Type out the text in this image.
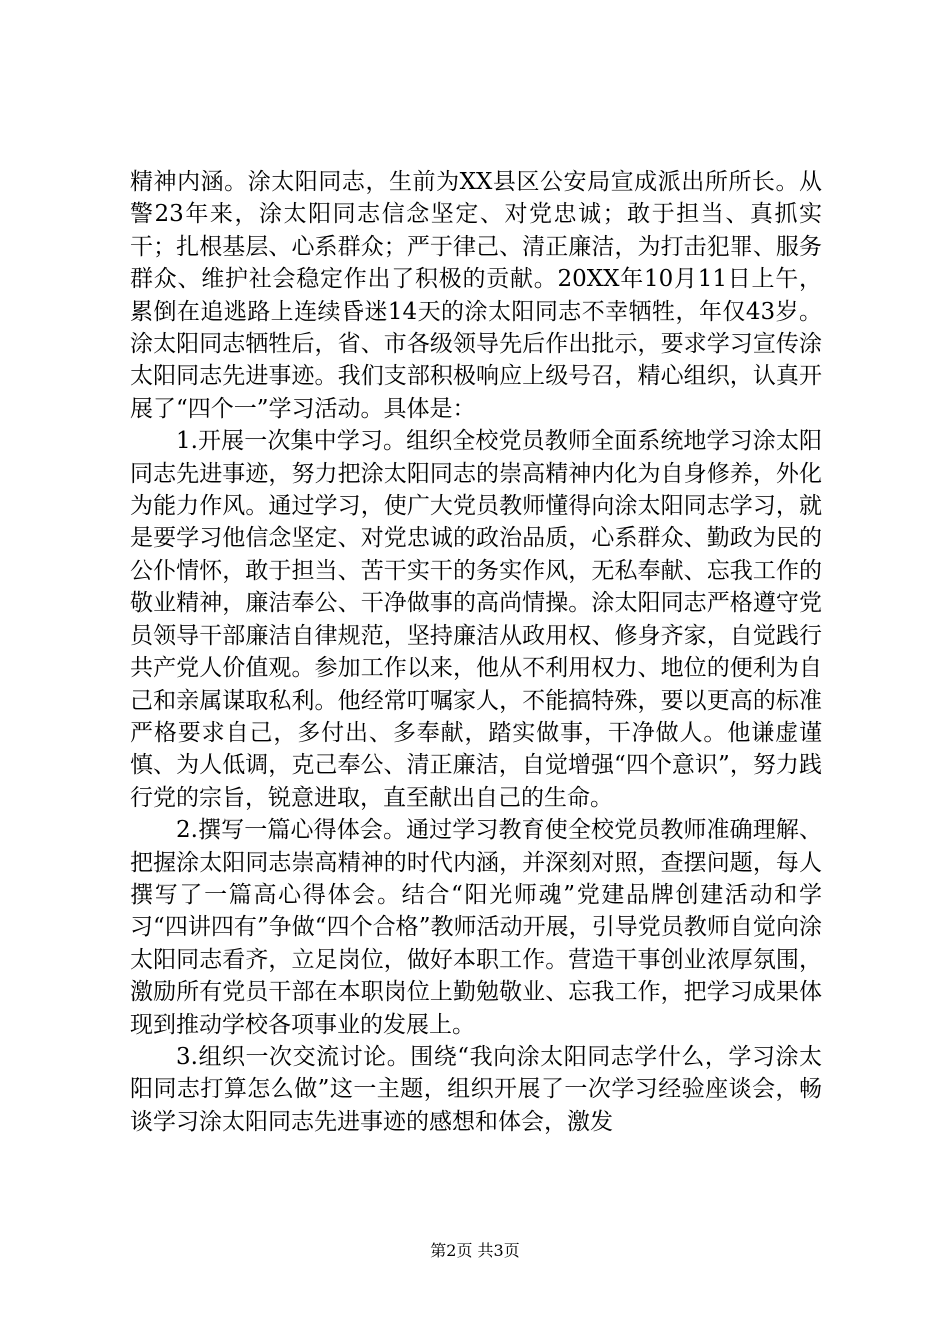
精神内涵。涂太阳同志，生前为XX县区公安局宣成派出所所长。从警23年来，涂太阳同志信念坚定、对党忠诚；敢于担当、真抓实干；扎根基层、心系群众；严于律己、清正廉洁，为打击犯罪、服务群众、维护社会稳定作出了积极的贡献。20XX年10月11日上午，累倒在追逃路上连续昏迷14天的涂太阳同志不幸牺牲，年仅43岁。涂太阳同志牺牲后，省、市各级领导先后作出批示，要求学习宣传涂太阳同志先进事迹。我们支部积极响应上级号召，精心组织，认真开展了“四个一”学习活动。具体是：

1.开展一次集中学习。组织全校党员教师全面系统地学习涂太阳同志先进事迹，努力把涂太阳同志的崇高精神内化为自身修养，外化为能力作风。通过学习，使广大党员教师懂得向涂太阳同志学习，就是要学习他信念坚定、对党忠诚的政治品质，心系群众、勤政为民的公仆情怀，敢于担当、苦干实干的务实作风，无私奉献、忘我工作的敬业精神，廉洁奉公、干净做事的高尚情操。涂太阳同志严格遵守党员领导干部廉洁自律规范，坚持廉洁从政用权、修身齐家，自觉践行共产党人价值观。参加工作以来，他从不利用权力、地位的便利为自己和亲属谋取私利。他经常叮嘱家人，不能搞特殊，要以更高的标准严格要求自己，多付出、多奉献，踏实做事，干净做人。他谦虚谨慎、为人低调，克己奉公、清正廉洁，自觉增强“四个意识”，努力践行党的宗旨，锐意进取，直至献出自己的生命。

2.撰写一篇心得体会。通过学习教育使全校党员教师准确理解、把握涂太阳同志崇高精神的时代内涵，并深刻对照，查摆问题，每人撰写了一篇高心得体会。结合“阳光师魂”党建品牌创建活动和学习“四讲四有”争做“四个合格”教师活动开展，引导党员教师自觉向涂太阳同志看齐，立足岗位，做好本职工作。营造干事创业浓厚氛围，激励所有党员干部在本职岗位上勤勉敬业、忘我工作，把学习成果体现到推动学校各项事业的发展上。

3.组织一次交流讨论。围绕“我向涂太阳同志学什么，学习涂太阳同志打算怎么做”这一主题，组织开展了一次学习经验座谈会，畅谈学习涂太阳同志先进事迹的感想和体会，激发

第2页 共3页
